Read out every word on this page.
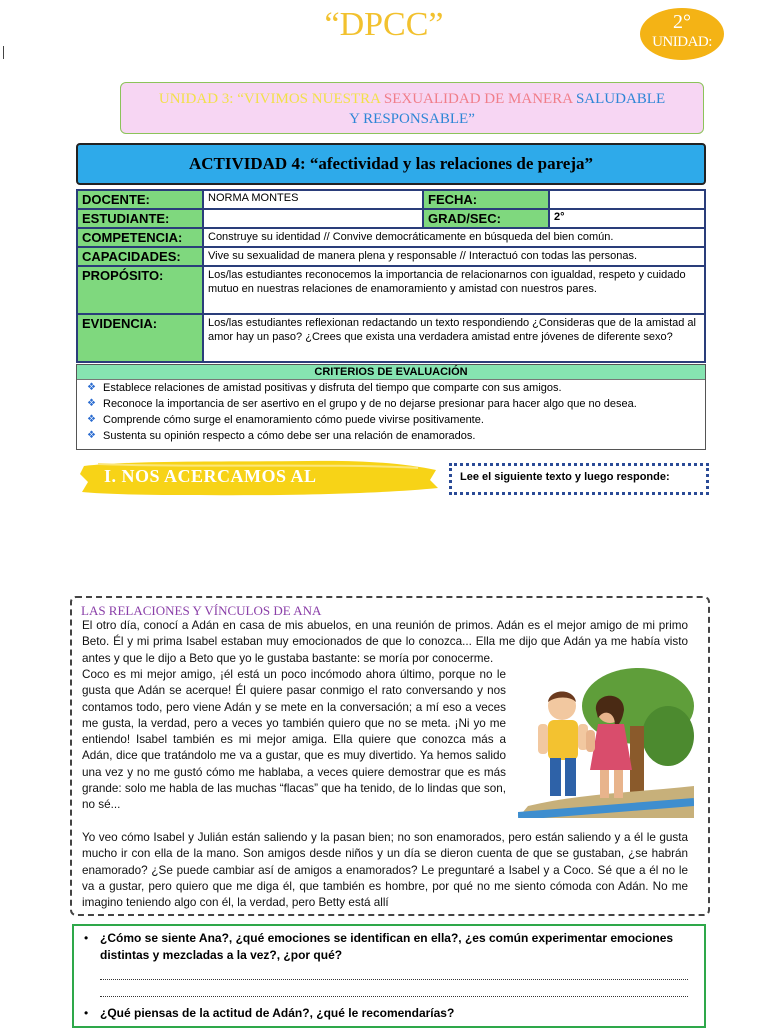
“DPCC”	2°
UNIDAD:
UNIDAD 3: “VIVIMOS NUESTRA SEXUALIDAD DE MANERA SALUDABLE
Y RESPONSABLE”
ACTIVIDAD 4: “afectividad y las relaciones de pareja”
DOCENTE:	NORMA MONTES	FECHA:	
ESTUDIANTE:		GRAD/SEC:	2°
COMPETENCIA:	Construye su identidad // Convive democráticamente en búsqueda del bien común.		
CAPACIDADES:	Vive su sexualidad de manera plena y responsable // Interactuó con todas las personas.		
PROPÓSITO:	Los/las estudiantes reconocemos la importancia de relacionarnos con igualdad, respeto y cuidado mutuo en nuestras relaciones de enamoramiento y amistad con nuestros pares.		
EVIDENCIA:	Los/las estudiantes reflexionan redactando un texto respondiendo ¿Consideras que de la amistad al amor hay un paso? ¿Crees que exista una verdadera amistad entre jóvenes de diferente sexo?		
CRITERIOS DE EVALUACIÓN
❖ Establece relaciones de amistad positivas y disfruta del tiempo que comparte con sus amigos.
❖ Reconoce la importancia de ser asertivo en el grupo y de no dejarse presionar para hacer algo que no desea.
❖ Comprende cómo surge el enamoramiento cómo puede vivirse positivamente.
❖ Sustenta su opinión respecto a cómo debe ser una relación de enamorados.
I. NOS ACERCAMOS AL	Lee el siguiente texto y luego responde:
LAS RELACIONES Y VÍNCULOS DE ANA
El otro día, conocí a Adán en casa de mis abuelos, en una reunión de primos. Adán es el mejor amigo de mi primo Beto. Él y mi prima Isabel estaban muy emocionados de que lo conozca... Ella me dijo que Adán ya me había visto antes y que le dijo a Beto que yo le gustaba bastante: se moría por conocerme.
Coco es mi mejor amigo, ¡él está un poco incómodo ahora último, porque no le gusta que Adán se acerque! Él quiere pasar conmigo el rato conversando y nos contamos todo, pero viene Adán y se mete en la conversación; a mí eso a veces me gusta, la verdad, pero a veces yo también quiero que no se meta. ¡Ni yo me entiendo! Isabel también es mi mejor amiga. Ella quiere que conozca más a Adán, dice que tratándolo me va a gustar, que es muy divertido. Ya hemos salido una vez y no me gustó cómo me hablaba, a veces quiere demostrar que es más grande: solo me habla de las muchas “flacas” que ha tenido, de lo lindas que son, no sé...
Yo veo cómo Isabel y Julián están saliendo y la pasan bien; no son enamorados, pero están saliendo y a él le gusta mucho ir con ella de la mano. Son amigos desde niños y un día se dieron cuenta de que se gustaban, ¿se habrán enamorado? ¿Se puede cambiar así de amigos a enamorados? Le preguntaré a Isabel y a Coco. Sé que a él no le va a gustar, pero quiero que me diga él, que también es hombre, por qué no me siento cómoda con Adán. No me imagino teniendo algo con él, la verdad, pero Betty está allí
• ¿Cómo se siente Ana?, ¿qué emociones se identifican en ella?, ¿es común experimentar emociones distintas y mezcladas a la vez?, ¿por qué?
• ¿Qué piensas de la actitud de Adán?, ¿qué le recomendarías?
